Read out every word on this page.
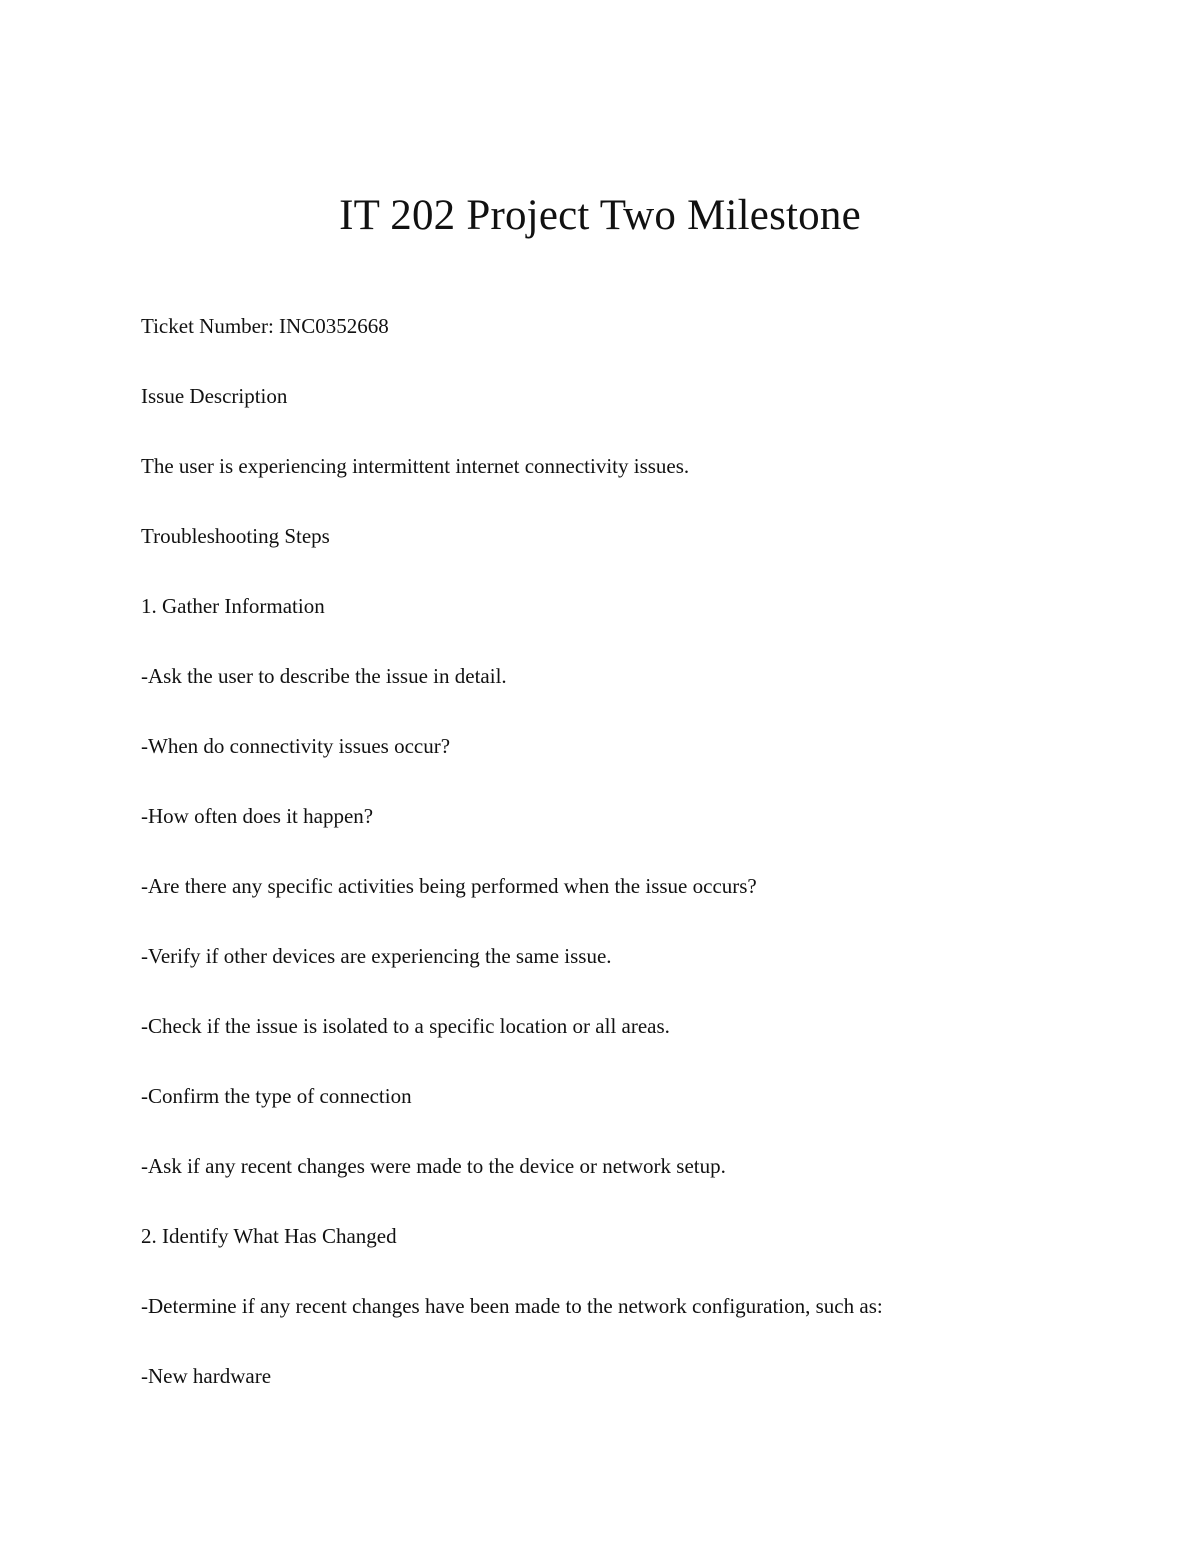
IT 202 Project Two Milestone
Ticket Number: INC0352668
Issue Description
The user is experiencing intermittent internet connectivity issues.
Troubleshooting Steps
1. Gather Information
-Ask the user to describe the issue in detail.
-When do connectivity issues occur?
-How often does it happen?
-Are there any specific activities being performed when the issue occurs?
-Verify if other devices are experiencing the same issue.
-Check if the issue is isolated to a specific location or all areas.
-Confirm the type of connection
-Ask if any recent changes were made to the device or network setup.
2. Identify What Has Changed
-Determine if any recent changes have been made to the network configuration, such as:
-New hardware
